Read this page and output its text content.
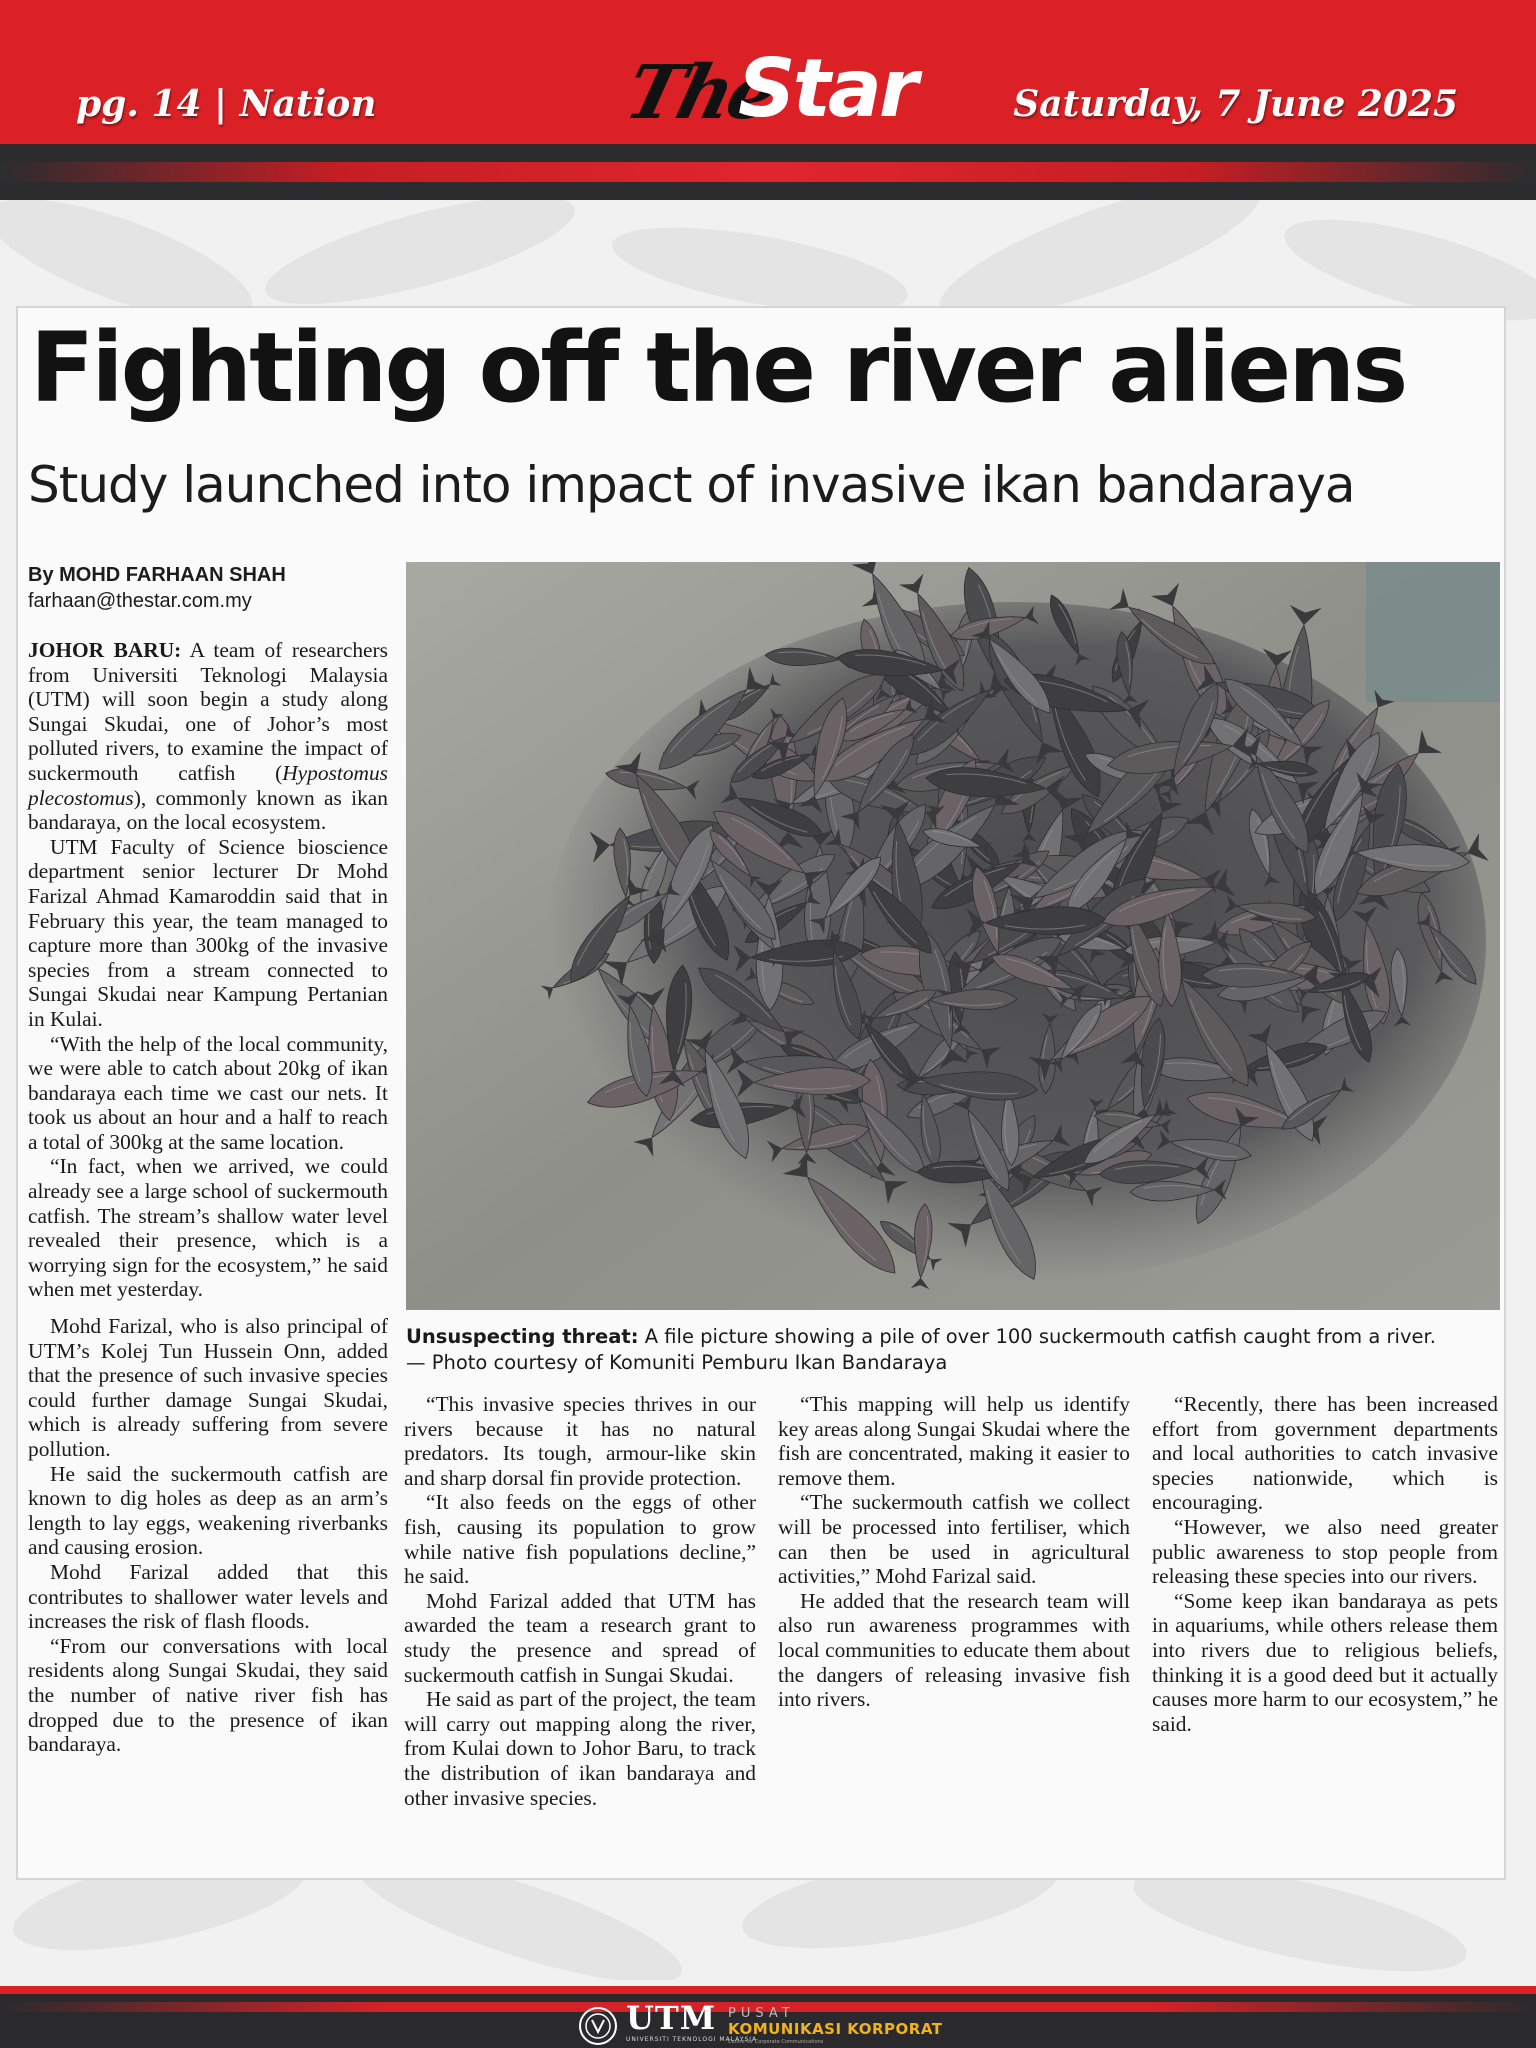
pg. 14 | Nation	The
Star	Saturday, 7 June 2025
Fighting off the river aliens
Study launched into impact of invasive ikan bandaraya
By MOHD FARHAAN SHAH
farhaan@thestar.com.my

JOHOR BARU: A team of researchers from Universiti Teknologi Malaysia (UTM) will soon begin a study along Sungai Skudai, one of Johor’s most polluted rivers, to examine the impact of suckermouth catfish (Hypostomus plecostomus), commonly known as ikan bandaraya, on the local ecosystem.

UTM Faculty of Science bioscience department senior lecturer Dr Mohd Farizal Ahmad Kamaroddin said that in February this year, the team managed to capture more than 300kg of the invasive species from a stream connected to Sungai Skudai near Kampung Pertanian in Kulai.

“With the help of the local community, we were able to catch about 20kg of ikan bandaraya each time we cast our nets. It took us about an hour and a half to reach a total of 300kg at the same location.

“In fact, when we arrived, we could already see a large school of suckermouth catfish. The stream’s shallow water level revealed their presence, which is a worrying sign for the ecosystem,” he said when met yesterday.

Mohd Farizal, who is also principal of UTM’s Kolej Tun Hussein Onn, added that the presence of such invasive species could further damage Sungai Skudai, which is already suffering from severe pollution.

He said the suckermouth catfish are known to dig holes as deep as an arm’s length to lay eggs, weakening riverbanks and causing erosion.

Mohd Farizal added that this contributes to shallower water levels and increases the risk of flash floods.

“From our conversations with local residents along Sungai Skudai, they said the number of native river fish has dropped due to the presence of ikan bandaraya.

“This invasive species thrives in our rivers because it has no natural predators. Its tough, armour-like skin and sharp dorsal fin provide protection.

“It also feeds on the eggs of other fish, causing its population to grow while native fish populations decline,” he said.

Mohd Farizal added that UTM has awarded the team a research grant to study the presence and spread of suckermouth catfish in Sungai Skudai.

He said as part of the project, the team will carry out mapping along the river, from Kulai down to Johor Baru, to track the distribution of ikan bandaraya and other invasive species.

“This mapping will help us identify key areas along Sungai Skudai where the fish are concentrated, making it easier to remove them.

“The suckermouth catfish we collect will be processed into fertiliser, which can then be used in agricultural activities,” Mohd Farizal said.

He added that the research team will also run awareness programmes with local communities to educate them about the dangers of releasing invasive fish into rivers.

“Recently, there has been increased effort from government departments and local authorities to catch invasive species nationwide, which is encouraging.

“However, we also need greater public awareness to stop people from releasing these species into our rivers.

“Some keep ikan bandaraya as pets in aquariums, while others release them into rivers due to religious beliefs, thinking it is a good deed but it actually causes more harm to our ecosystem,” he said.

Unsuspecting threat: A file picture showing a pile of over 100 suckermouth catfish caught from a river.
— Photo courtesy of Komuniti Pemburu Ikan Bandaraya
UTM
UNIVERSITI TEKNOLOGI MALAYSIA
PUSAT
KOMUNIKASI KORPORAT
Centre for Corporate Communications
